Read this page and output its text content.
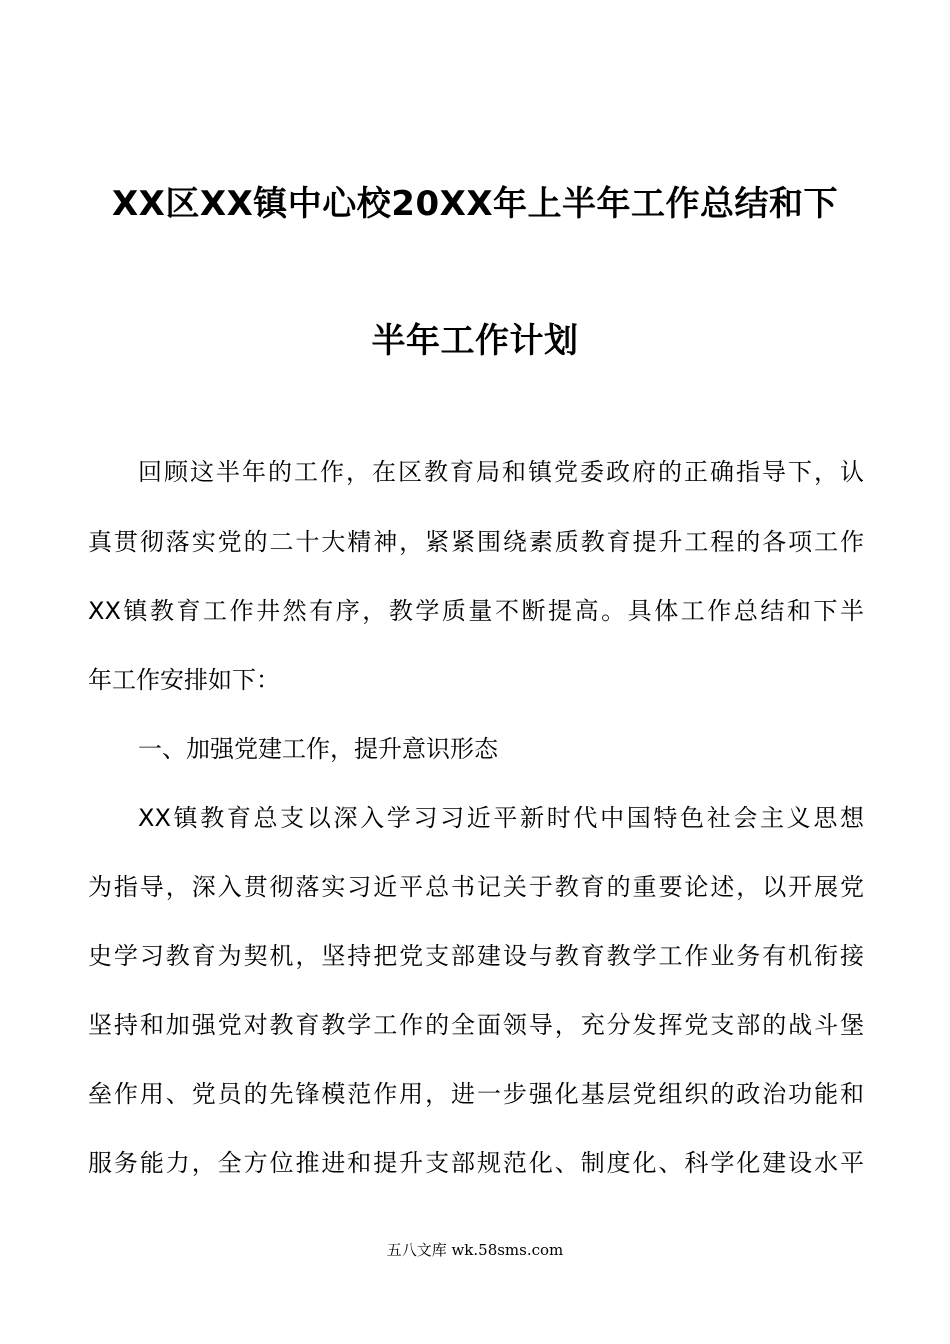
XX区XX镇中心校20XX年上半年工作总结和下
半年工作计划
回顾这半年的工作，在区教育局和镇党委政府的正确指导下，认
真贯彻落实党的二十大精神，紧紧围绕素质教育提升工程的各项工作
XX镇教育工作井然有序，教学质量不断提高。具体工作总结和下半
年工作安排如下：
一、加强党建工作，提升意识形态
XX镇教育总支以深入学习习近平新时代中国特色社会主义思想
为指导，深入贯彻落实习近平总书记关于教育的重要论述，以开展党
史学习教育为契机，坚持把党支部建设与教育教学工作业务有机衔接
坚持和加强党对教育教学工作的全面领导，充分发挥党支部的战斗堡
垒作用、党员的先锋模范作用，进一步强化基层党组织的政治功能和
服务能力，全方位推进和提升支部规范化、制度化、科学化建设水平
五八文库 wk.58sms.com
